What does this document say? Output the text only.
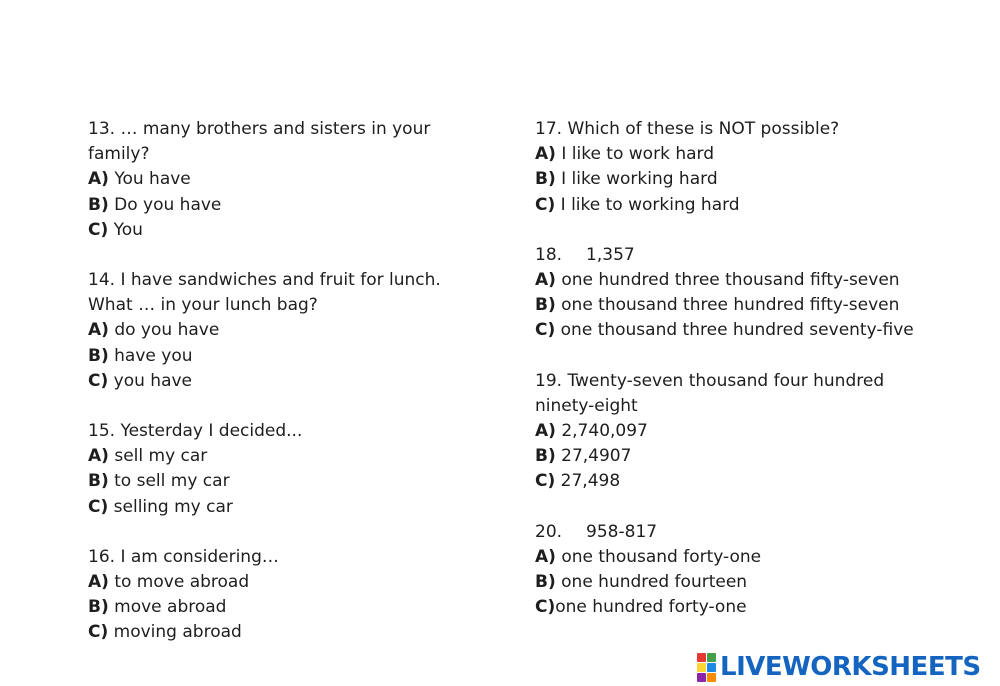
13. … many brothers and sisters in your
family?
A) You have
B) Do you have
C) You
14. I have sandwiches and fruit for lunch.
What … in your lunch bag?
A) do you have
B) have you
C) you have
15. Yesterday I decided...
A) sell my car
B) to sell my car
C) selling my car
16. I am considering…
A) to move abroad
B) move abroad
C) moving abroad
17. Which of these is NOT possible?
A) I like to work hard
B) I like working hard
C) I like to working hard
18. 1,357
A) one hundred three thousand fifty-seven
B) one thousand three hundred fifty-seven
C) one thousand three hundred seventy-five
19. Twenty-seven thousand four hundred
ninety-eight
A) 2,740,097
B) 27,4907
C) 27,498
20. 958-817
A) one thousand forty-one
B) one hundred fourteen
C)one hundred forty-one
LIVEWORKSHEETS
